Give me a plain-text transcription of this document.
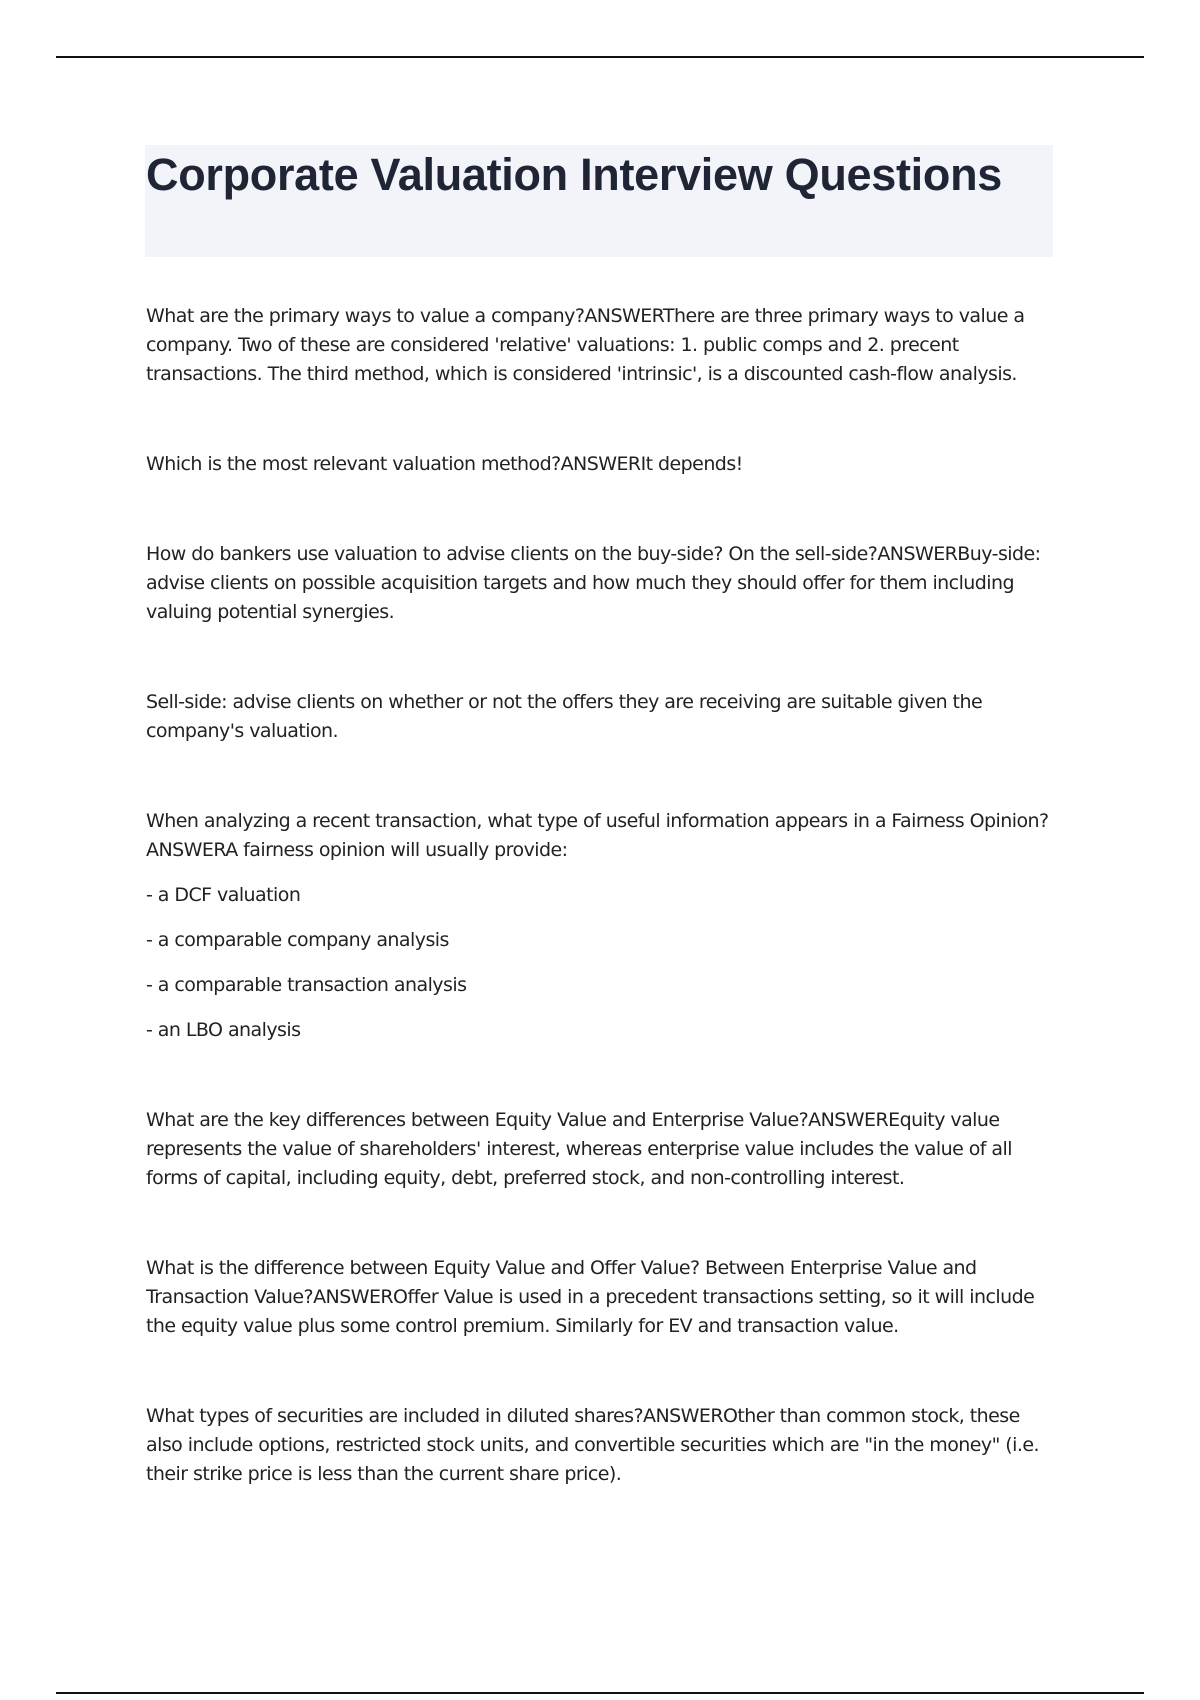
Corporate Valuation Interview Questions

What are the primary ways to value a company?ANSWERThere are three primary ways to value a company. Two of these are considered 'relative' valuations: 1. public comps and 2. precent transactions. The third method, which is considered 'intrinsic', is a discounted cash-flow analysis.

Which is the most relevant valuation method?ANSWERIt depends!

How do bankers use valuation to advise clients on the buy-side? On the sell-side?ANSWERBuy-side: advise clients on possible acquisition targets and how much they should offer for them including valuing potential synergies.

Sell-side: advise clients on whether or not the offers they are receiving are suitable given the company's valuation.

When analyzing a recent transaction, what type of useful information appears in a Fairness Opinion?ANSWERA fairness opinion will usually provide:

- a DCF valuation
- a comparable company analysis
- a comparable transaction analysis
- an LBO analysis

What are the key differences between Equity Value and Enterprise Value?ANSWEREquity value represents the value of shareholders' interest, whereas enterprise value includes the value of all forms of capital, including equity, debt, preferred stock, and non-controlling interest.

What is the difference between Equity Value and Offer Value? Between Enterprise Value and Transaction Value?ANSWEROffer Value is used in a precedent transactions setting, so it will include the equity value plus some control premium. Similarly for EV and transaction value.

What types of securities are included in diluted shares?ANSWEROther than common stock, these also include options, restricted stock units, and convertible securities which are "in the money" (i.e. their strike price is less than the current share price).
